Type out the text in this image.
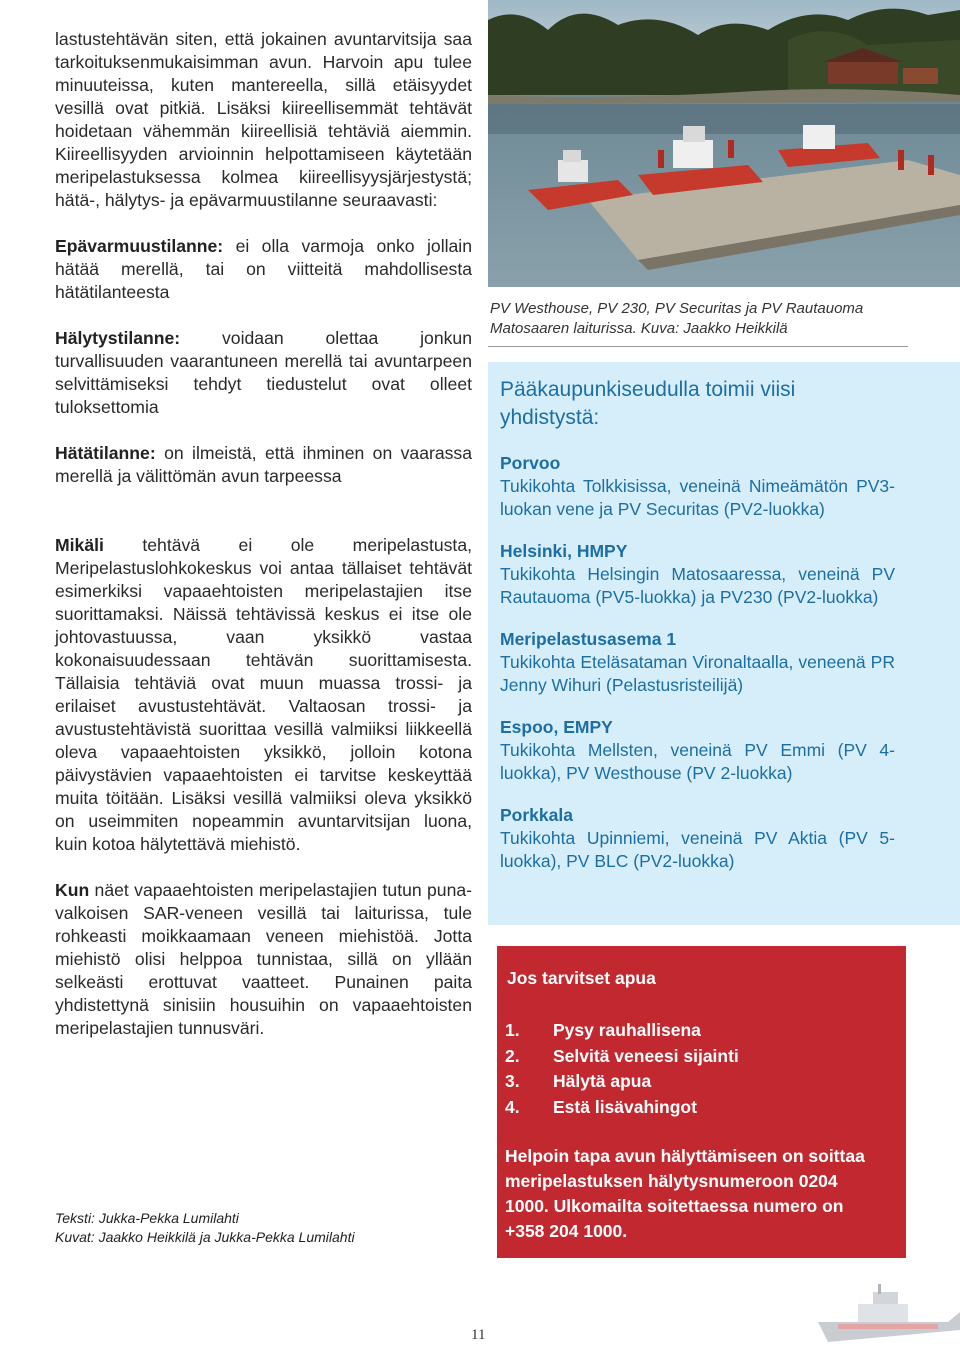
lastustehtävän siten, että jokainen avuntarvitsija saa tarkoituksenmukaisimman avun. Harvoin apu tulee minuuteissa, kuten mantereella, sillä etäisyydet vesillä ovat pitkiä. Lisäksi kiireellisemmät tehtävät hoidetaan vähemmän kiireellisiä tehtäviä aiemmin. Kiireellisyyden arvioinnin helpottamiseen käytetään meripelastuksessa kolmea kiireellisyysjärjestystä; hätä-, hälytys- ja epävarmuustilanne seuraavasti:

Epävarmuustilanne: ei olla varmoja onko jollain hätää merellä, tai on viitteitä mahdollisesta hätätilanteesta

Hälytystilanne: voidaan olettaa jonkun turvallisuuden vaarantuneen merellä tai avuntarpeen selvittämiseksi tehdyt tiedustelut ovat olleet tuloksettomia

Hätätilanne: on ilmeistä, että ihminen on vaarassa merellä ja välittömän avun tarpeessa

Mikäli tehtävä ei ole meripelastusta, Meripelastuslohkokeskus voi antaa tällaiset tehtävät esimerkiksi vapaaehtoisten meripelastajien itse suorittamaksi. Näissä tehtävissä keskus ei itse ole johtovastuussa, vaan yksikkö vastaa kokonaisuudessaan tehtävän suorittamisesta. Tällaisia tehtäviä ovat muun muassa trossi- ja erilaiset avustustehtävät. Valtaosan trossi- ja avustustehtävistä suorittaa vesillä valmiiksi liikkeellä oleva vapaaehtoisten yksikkö, jolloin kotona päivystävien vapaaehtoisten ei tarvitse keskeyttää muita töitään. Lisäksi vesillä valmiiksi oleva yksikkö on useimmiten nopeammin avuntarvitsijan luona, kuin kotoa hälytettävä miehistö.

Kun näet vapaaehtoisten meripelastajien tutun puna-valkoisen SAR-veneen vesillä tai laiturissa, tule rohkeasti moikkaamaan veneen miehistöä. Jotta miehistö olisi helppoa tunnistaa, sillä on yllään selkeästi erottuvat vaatteet. Punainen paita yhdistettynä sinisiin housuihin on vapaaehtoisten meripelastajien tunnusväri.

Teksti: Jukka-Pekka Lumilahti
Kuvat: Jaakko Heikkilä ja Jukka-Pekka Lumilahti
PV Westhouse, PV 230, PV Securitas ja PV Rautauoma Matosaaren laiturissa. Kuva: Jaakko Heikkilä
Pääkaupunkiseudulla toimii viisi yhdistystä:
Porvoo
Tukikohta Tolkkisissa, veneinä Nimeämätön PV3-luokan vene ja PV Securitas (PV2-luokka)
Helsinki, HMPY
Tukikohta Helsingin Matosaaressa, veneinä PV Rautauoma (PV5-luokka) ja PV230 (PV2-luokka)
Meripelastusasema 1
Tukikohta Eteläsataman Vironaltaalla, veneenä PR Jenny Wihuri (Pelastusristeilijä)
Espoo, EMPY
Tukikohta Mellsten, veneinä PV Emmi (PV 4-luokka), PV Westhouse (PV 2-luokka)
Porkkala
Tukikohta Upinniemi, veneinä PV Aktia (PV 5-luokka), PV BLC (PV2-luokka)
Jos tarvitset apua
1. Pysy rauhallisena
2. Selvitä veneesi sijainti
3. Hälytä apua
4. Estä lisävahingot
Helpoin tapa avun hälyttämiseen on soittaa meripelastuksen hälytysnumeroon 0204 1000. Ulkomailta soitettaessa numero on +358 204 1000.
11
